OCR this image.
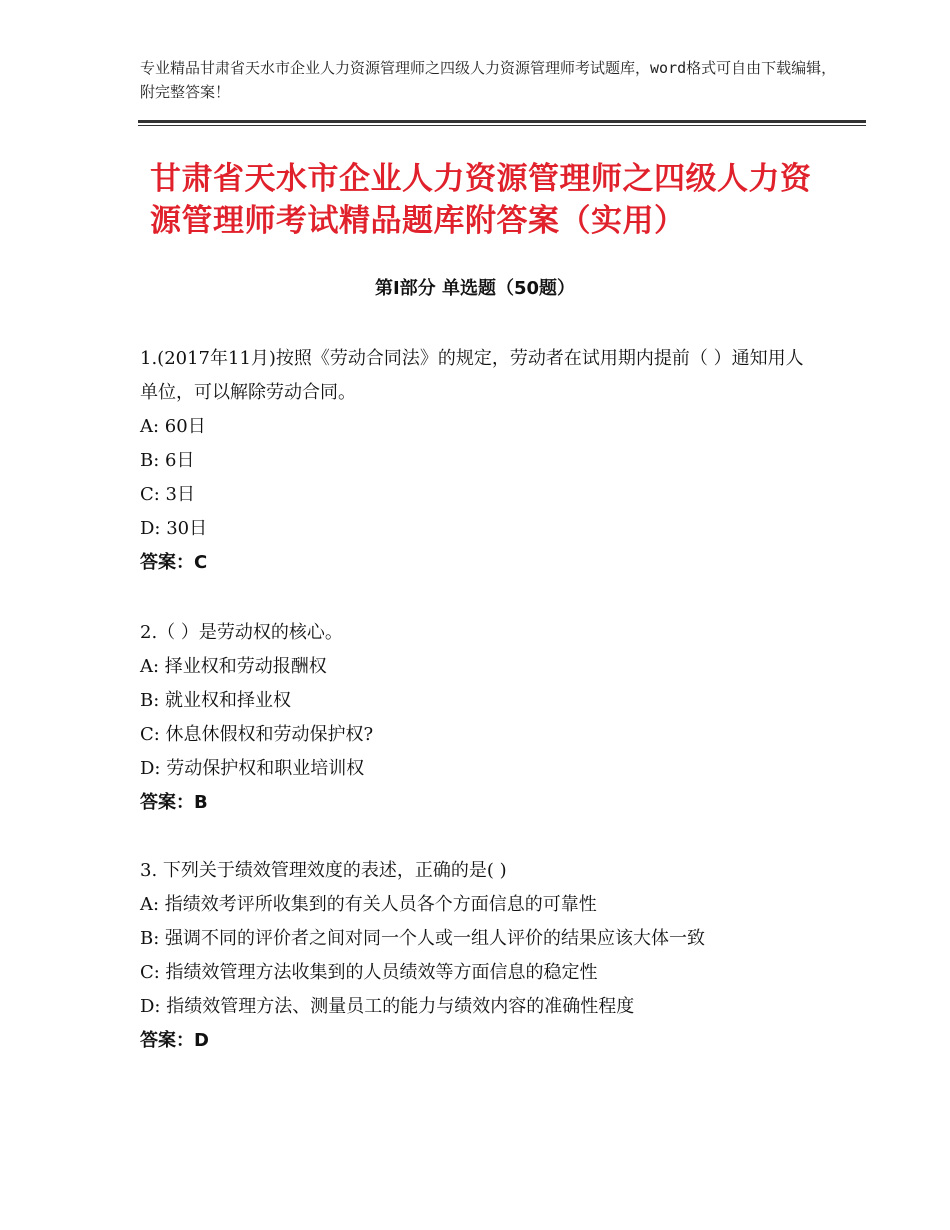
专业精品甘肃省天水市企业人力资源管理师之四级人力资源管理师考试题库，word格式可自由下载编辑，附完整答案！
甘肃省天水市企业人力资源管理师之四级人力资源管理师考试精品题库附答案（实用）
第Ⅰ部分 单选题（50题）
1.(2017年11月)按照《劳动合同法》的规定，劳动者在试用期内提前（ ）通知用人单位，可以解除劳动合同。
A: 60日
B: 6日
C: 3日
D: 30日
答案：C
2.（ ）是劳动权的核心。
A: 择业权和劳动报酬权
B: 就业权和择业权
C: 休息休假权和劳动保护权?
D: 劳动保护权和职业培训权
答案：B
3. 下列关于绩效管理效度的表述，正确的是( )
A: 指绩效考评所收集到的有关人员各个方面信息的可靠性
B: 强调不同的评价者之间对同一个人或一组人评价的结果应该大体一致
C: 指绩效管理方法收集到的人员绩效等方面信息的稳定性
D: 指绩效管理方法、测量员工的能力与绩效内容的准确性程度
答案：D
